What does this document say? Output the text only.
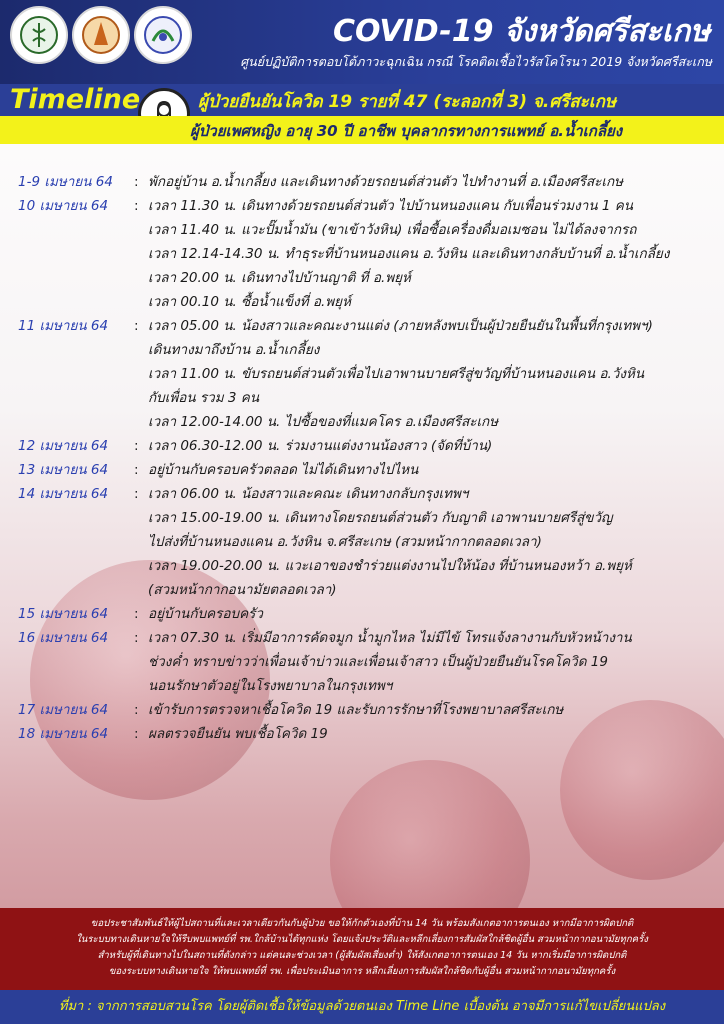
COVID-19 จังหวัดศรีสะเกษ
ศูนย์ปฏิบัติการตอบโต้ภาวะฉุกเฉิน กรณี โรคติดเชื้อไวรัสโคโรนา 2019 จังหวัดศรีสะเกษ
Timeline	ผู้ป่วยยืนยันโควิด 19 รายที่ 47 (ระลอกที่ 3) จ.ศรีสะเกษ
ผู้ป่วยเพศหญิง อายุ 30 ปี อาชีพ บุคลากรทางการแพทย์ อ.น้ำเกลี้ยง
1-9 เมษายน 64	: พักอยู่บ้าน อ.น้ำเกลี้ยง และเดินทางด้วยรถยนต์ส่วนตัว ไปทำงานที่ อ.เมืองศรีสะเกษ
10 เมษายน 64	: เวลา 11.30 น. เดินทางด้วยรถยนต์ส่วนตัว ไปบ้านหนองแคน กับเพื่อนร่วมงาน 1 คน
เวลา 11.40 น. แวะปั๊มน้ำมัน (ขาเข้าวังหิน) เพื่อซื้อเครื่องดื่มอเมซอน ไม่ได้ลงจากรถ
เวลา 12.14-14.30 น. ทำธุระที่บ้านหนองแคน อ.วังหิน และเดินทางกลับบ้านที่ อ.น้ำเกลี้ยง
เวลา 20.00 น. เดินทางไปบ้านญาติ ที่ อ.พยุห์
เวลา 00.10 น. ซื้อน้ำแข็งที่ อ.พยุห์
11 เมษายน 64	: เวลา 05.00 น. น้องสาวและคณะงานแต่ง (ภายหลังพบเป็นผู้ป่วยยืนยันในพื้นที่กรุงเทพฯ)
เดินทางมาถึงบ้าน อ.น้ำเกลี้ยง
เวลา 11.00 น. ขับรถยนต์ส่วนตัวเพื่อไปเอาพานบายศรีสู่ขวัญที่บ้านหนองแคน อ.วังหิน
กับเพื่อน รวม 3 คน
เวลา 12.00-14.00 น. ไปซื้อของที่แมคโคร อ.เมืองศรีสะเกษ
12 เมษายน 64	: เวลา 06.30-12.00 น. ร่วมงานแต่งงานน้องสาว (จัดที่บ้าน)
13 เมษายน 64	: อยู่บ้านกับครอบครัวตลอด ไม่ได้เดินทางไปไหน
14 เมษายน 64	: เวลา 06.00 น. น้องสาวและคณะ เดินทางกลับกรุงเทพฯ
เวลา 15.00-19.00 น. เดินทางโดยรถยนต์ส่วนตัว กับญาติ เอาพานบายศรีสู่ขวัญ
ไปส่งที่บ้านหนองแคน อ.วังหิน จ.ศรีสะเกษ (สวมหน้ากากตลอดเวลา)
เวลา 19.00-20.00 น. แวะเอาของชำร่วยแต่งงานไปให้น้อง ที่บ้านหนองหว้า อ.พยุห์
(สวมหน้ากากอนามัยตลอดเวลา)
15 เมษายน 64	: อยู่บ้านกับครอบครัว
16 เมษายน 64	: เวลา 07.30 น. เริ่มมีอาการคัดจมูก น้ำมูกไหล ไม่มีไข้ โทรแจ้งลางานกับหัวหน้างาน
ช่วงค่ำ ทราบข่าวว่าเพื่อนเจ้าบ่าวและเพื่อนเจ้าสาว เป็นผู้ป่วยยืนยันโรคโควิด 19
นอนรักษาตัวอยู่ในโรงพยาบาลในกรุงเทพฯ
17 เมษายน 64	: เข้ารับการตรวจหาเชื้อโควิด 19 และรับการรักษาที่โรงพยาบาลศรีสะเกษ
18 เมษายน 64	: ผลตรวจยืนยัน พบเชื้อโควิด 19
ขอประชาสัมพันธ์ให้ผู้ไปสถานที่และเวลาเดียวกันกับผู้ป่วย ขอให้กักตัวเองที่บ้าน 14 วัน พร้อมสังเกตอาการตนเอง หากมีอาการผิดปกติ
ในระบบทางเดินหายใจให้รีบพบแพทย์ที่ รพ.ใกล้บ้านได้ทุกแห่ง โดยแจ้งประวัติและหลีกเลี่ยงการสัมผัสใกล้ชิดผู้อื่น สวมหน้ากากอนามัยทุกครั้ง
สำหรับผู้ที่เดินทางไปในสถานที่ดังกล่าว แต่คนละช่วงเวลา (ผู้สัมผัสเสี่ยงต่ำ) ให้สังเกตอาการตนเอง 14 วัน หากเริ่มมีอาการผิดปกติ
ของระบบทางเดินหายใจ ให้พบแพทย์ที่ รพ. เพื่อประเมินอาการ หลีกเลี่ยงการสัมผัสใกล้ชิดกับผู้อื่น สวมหน้ากากอนามัยทุกครั้ง
ที่มา : จากการสอบสวนโรค โดยผู้ติดเชื้อให้ข้อมูลด้วยตนเอง Time Line เบื้องต้น อาจมีการแก้ไขเปลี่ยนแปลง
